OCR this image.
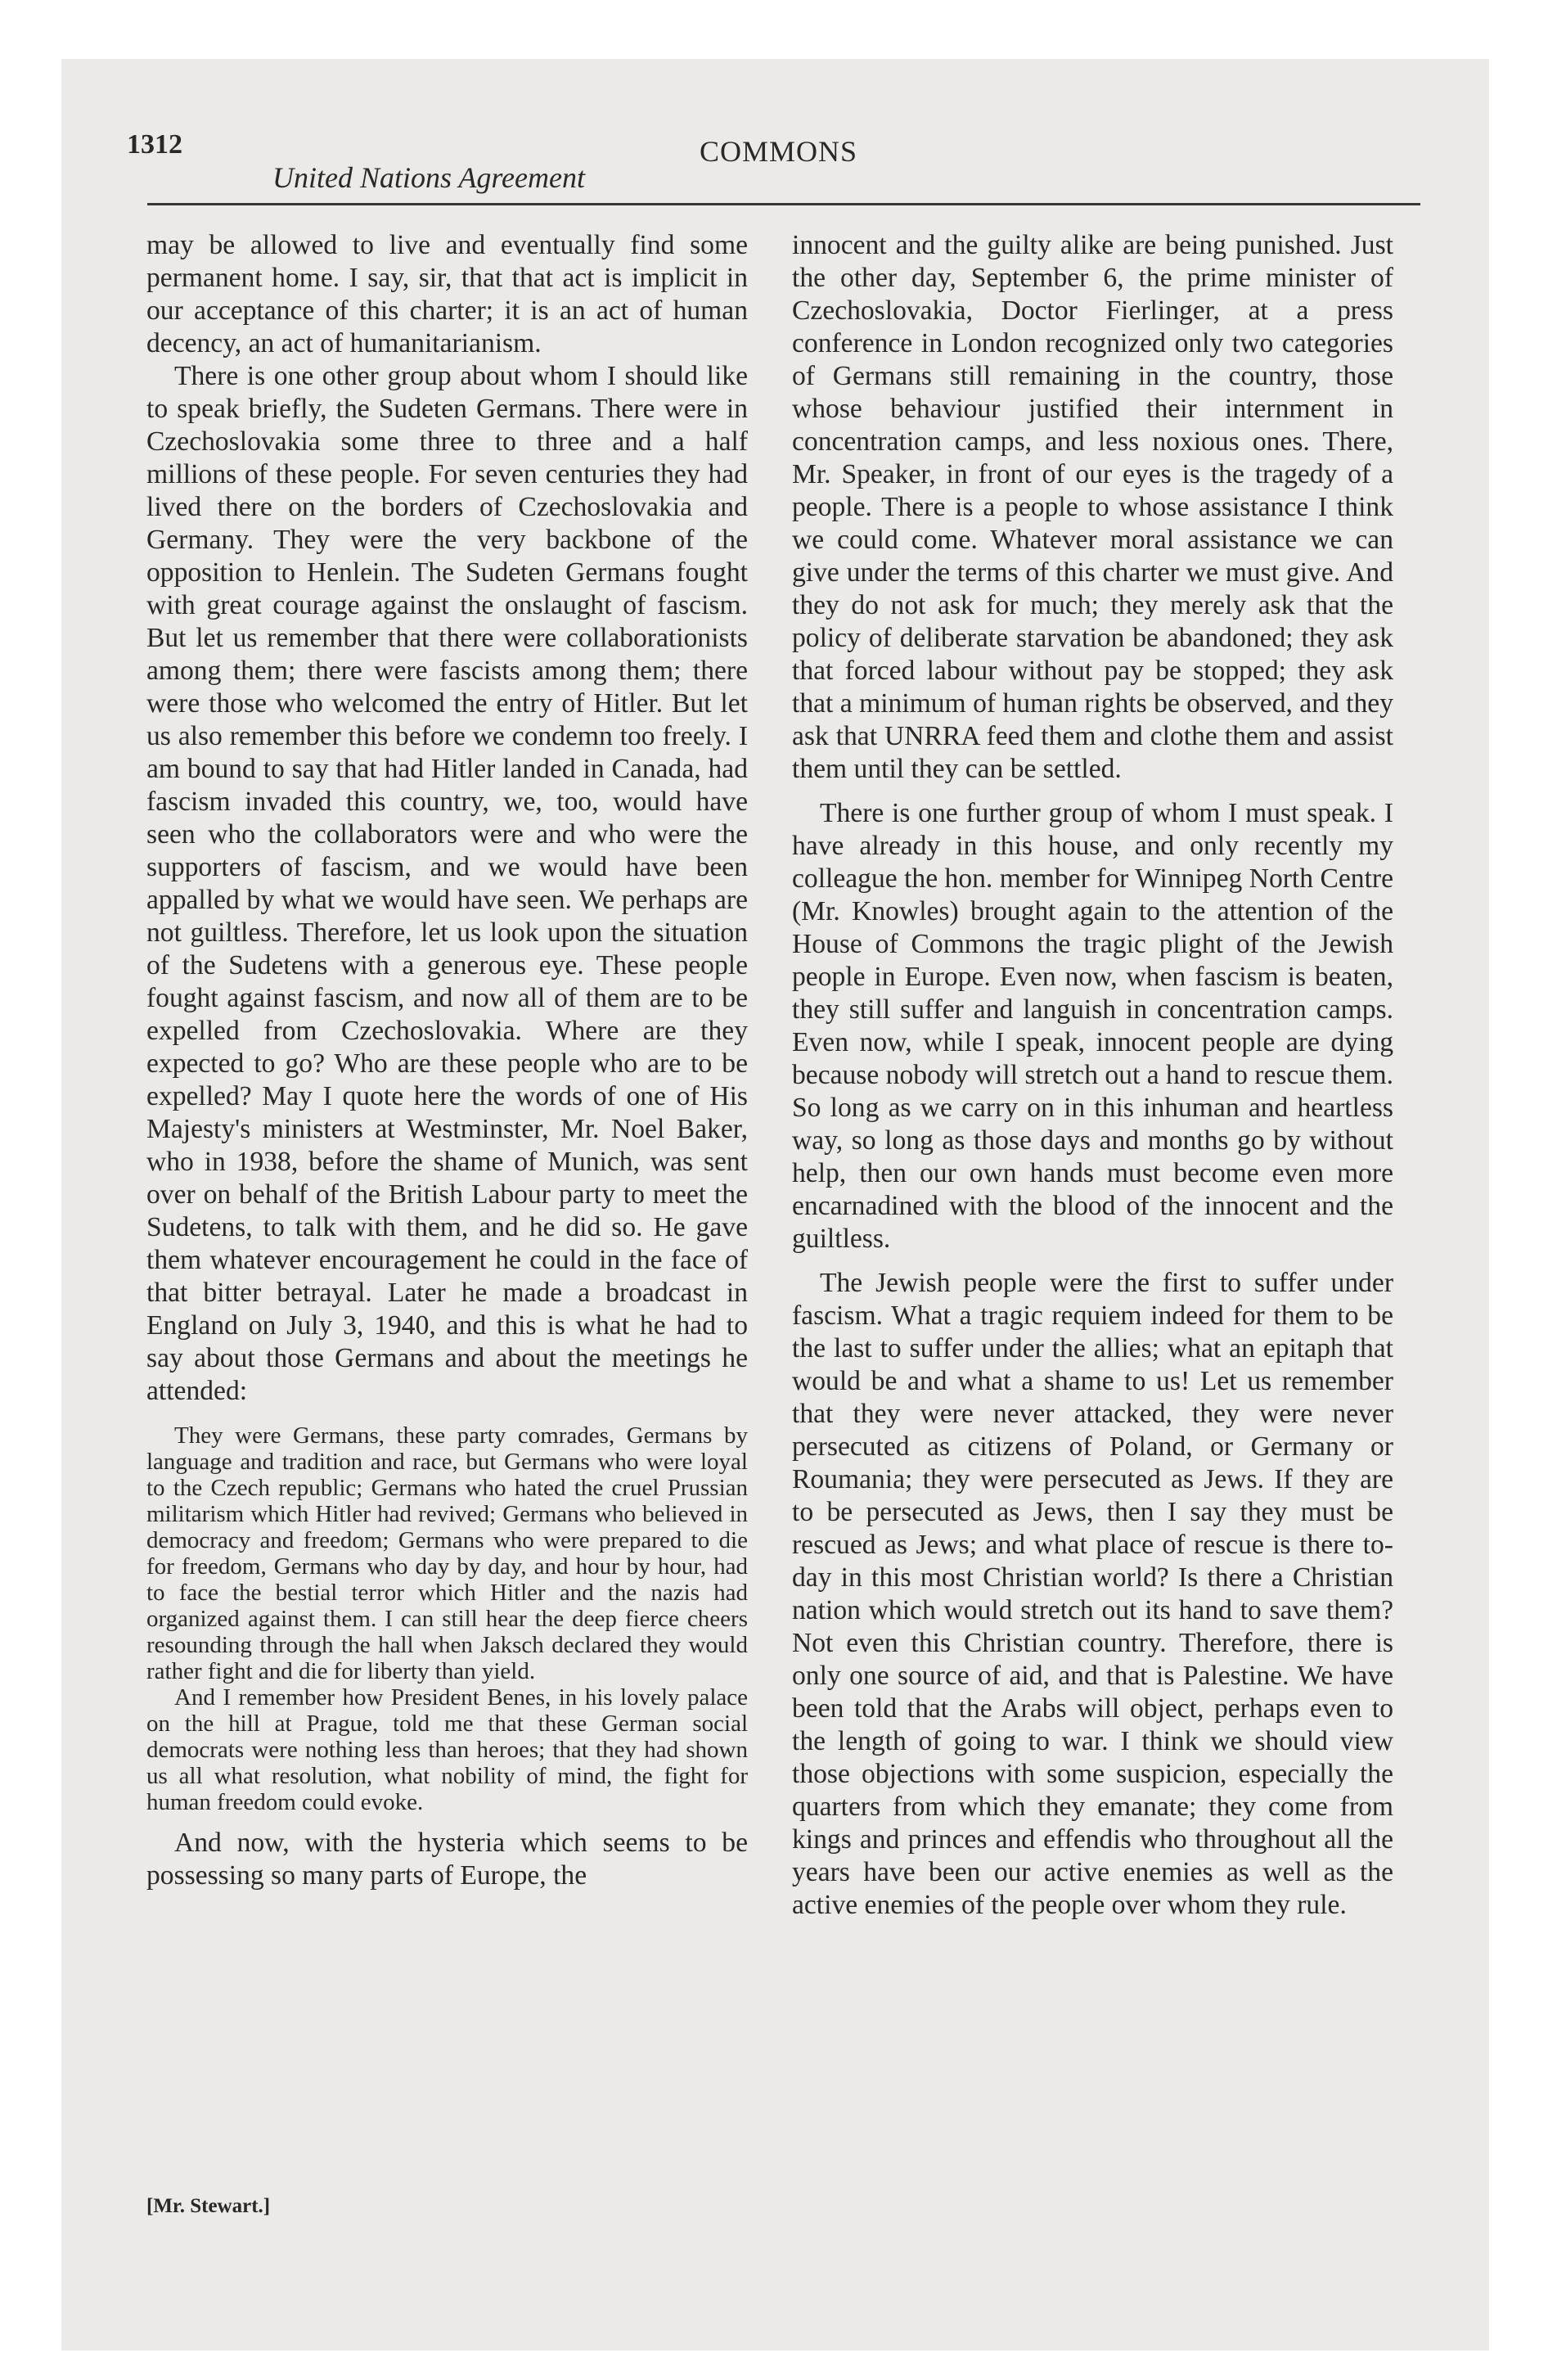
1312
United Nations Agreement
COMMONS

may be allowed to live and eventually find some permanent home. I say, sir, that that act is implicit in our acceptance of this charter; it is an act of human decency, an act of humanitarianism.

There is one other group about whom I should like to speak briefly, the Sudeten Germans. There were in Czechoslovakia some three to three and a half millions of these people. For seven centuries they had lived there on the borders of Czechoslovakia and Germany. They were the very backbone of the opposition to Henlein. The Sudeten Germans fought with great courage against the onslaught of fascism. But let us remember that there were collaborationists among them; there were fascists among them; there were those who welcomed the entry of Hitler. But let us also remember this before we condemn too freely. I am bound to say that had Hitler landed in Canada, had fascism invaded this country, we, too, would have seen who the collaborators were and who were the supporters of fascism, and we would have been appalled by what we would have seen. We perhaps are not guiltless. Therefore, let us look upon the situation of the Sudetens with a generous eye. These people fought against fascism, and now all of them are to be expelled from Czechoslovakia. Where are they expected to go? Who are these people who are to be expelled? May I quote here the words of one of His Majesty's ministers at Westminster, Mr. Noel Baker, who in 1938, before the shame of Munich, was sent over on behalf of the British Labour party to meet the Sudetens, to talk with them, and he did so. He gave them whatever encouragement he could in the face of that bitter betrayal. Later he made a broadcast in England on July 3, 1940, and this is what he had to say about those Germans and about the meetings he attended:

They were Germans, these party comrades, Germans by language and tradition and race, but Germans who were loyal to the Czech republic; Germans who hated the cruel Prussian militarism which Hitler had revived; Germans who believed in democracy and freedom; Germans who were prepared to die for freedom, Germans who day by day, and hour by hour, had to face the bestial terror which Hitler and the nazis had organized against them. I can still hear the deep fierce cheers resounding through the hall when Jaksch declared they would rather fight and die for liberty than yield.

And I remember how President Benes, in his lovely palace on the hill at Prague, told me that these German social democrats were nothing less than heroes; that they had shown us all what resolution, what nobility of mind, the fight for human freedom could evoke.

And now, with the hysteria which seems to be possessing so many parts of Europe, the

[Mr. Stewart.]

innocent and the guilty alike are being punished. Just the other day, September 6, the prime minister of Czechoslovakia, Doctor Fierlinger, at a press conference in London recognized only two categories of Germans still remaining in the country, those whose behaviour justified their internment in concentration camps, and less noxious ones. There, Mr. Speaker, in front of our eyes is the tragedy of a people. There is a people to whose assistance I think we could come. Whatever moral assistance we can give under the terms of this charter we must give. And they do not ask for much; they merely ask that the policy of deliberate starvation be abandoned; they ask that forced labour without pay be stopped; they ask that a minimum of human rights be observed, and they ask that UNRRA feed them and clothe them and assist them until they can be settled.

There is one further group of whom I must speak. I have already in this house, and only recently my colleague the hon. member for Winnipeg North Centre (Mr. Knowles) brought again to the attention of the House of Commons the tragic plight of the Jewish people in Europe. Even now, when fascism is beaten, they still suffer and languish in concentration camps. Even now, while I speak, innocent people are dying because nobody will stretch out a hand to rescue them. So long as we carry on in this inhuman and heartless way, so long as those days and months go by without help, then our own hands must become even more encarnadined with the blood of the innocent and the guiltless.

The Jewish people were the first to suffer under fascism. What a tragic requiem indeed for them to be the last to suffer under the allies; what an epitaph that would be and what a shame to us! Let us remember that they were never attacked, they were never persecuted as citizens of Poland, or Germany or Roumania; they were persecuted as Jews. If they are to be persecuted as Jews, then I say they must be rescued as Jews; and what place of rescue is there to-day in this most Christian world? Is there a Christian nation which would stretch out its hand to save them? Not even this Christian country. Therefore, there is only one source of aid, and that is Palestine. We have been told that the Arabs will object, perhaps even to the length of going to war. I think we should view those objections with some suspicion, especially the quarters from which they emanate; they come from kings and princes and effendis who throughout all the years have been our active enemies as well as the active enemies of the people over whom they rule.
